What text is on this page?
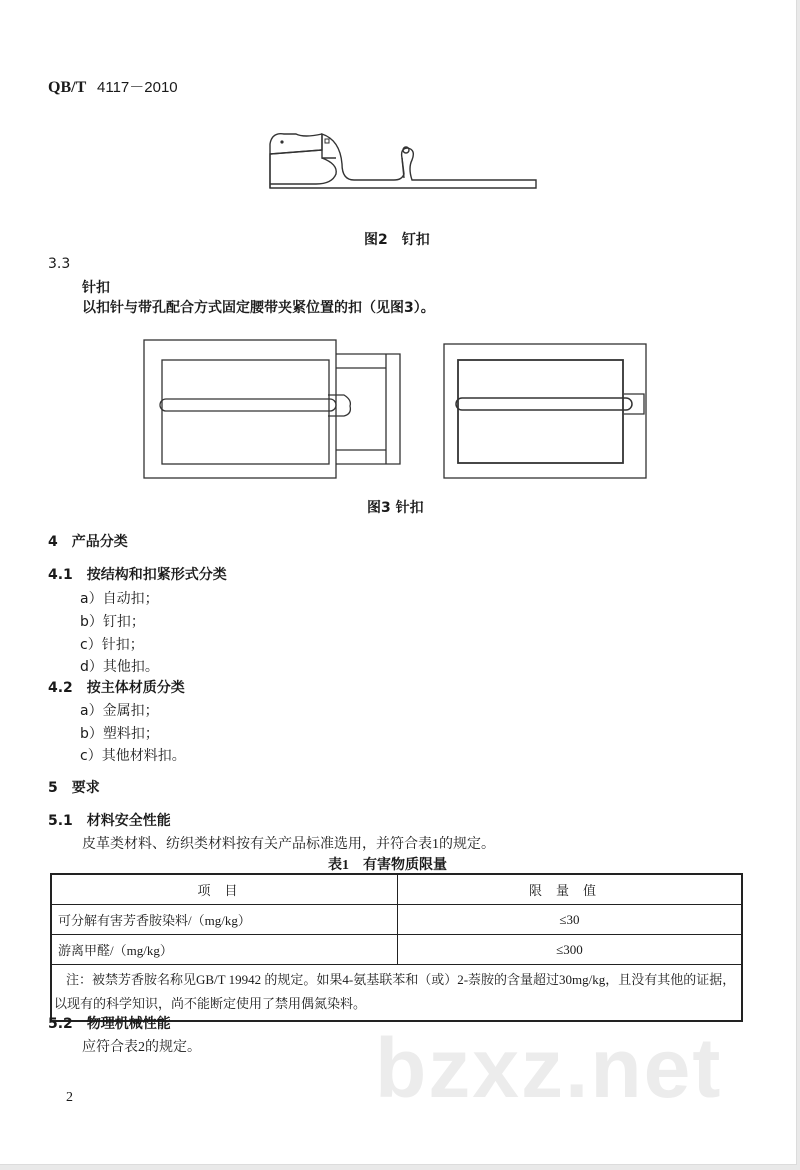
QB/T 4117－2010
图2　钉扣
3.3
针扣
以扣针与带孔配合方式固定腰带夹紧位置的扣（见图3）。
图3 针扣
4　产品分类
4.1　按结构和扣紧形式分类
a）自动扣；
b）钉扣；
c）针扣；
d）其他扣。
4.2　按主体材质分类
a）金属扣；
b）塑料扣；
c）其他材料扣。
5　要求
5.1　材料安全性能
皮革类材料、纺织类材料按有关产品标准选用，并符合表1的规定。
表1　有害物质限量
项目	限量值
可分解有害芳香胺染料/（mg/kg）	≤30
游离甲醛/（mg/kg）	≤300
注：被禁芳香胺名称见GB/T 19942 的规定。如果4-氨基联苯和（或）2-萘胺的含量超过30mg/kg，且没有其他的证据，以现有的科学知识，尚不能断定使用了禁用偶氮染料。	
5.2　物理机械性能
应符合表2的规定。 bzxz.net
2
